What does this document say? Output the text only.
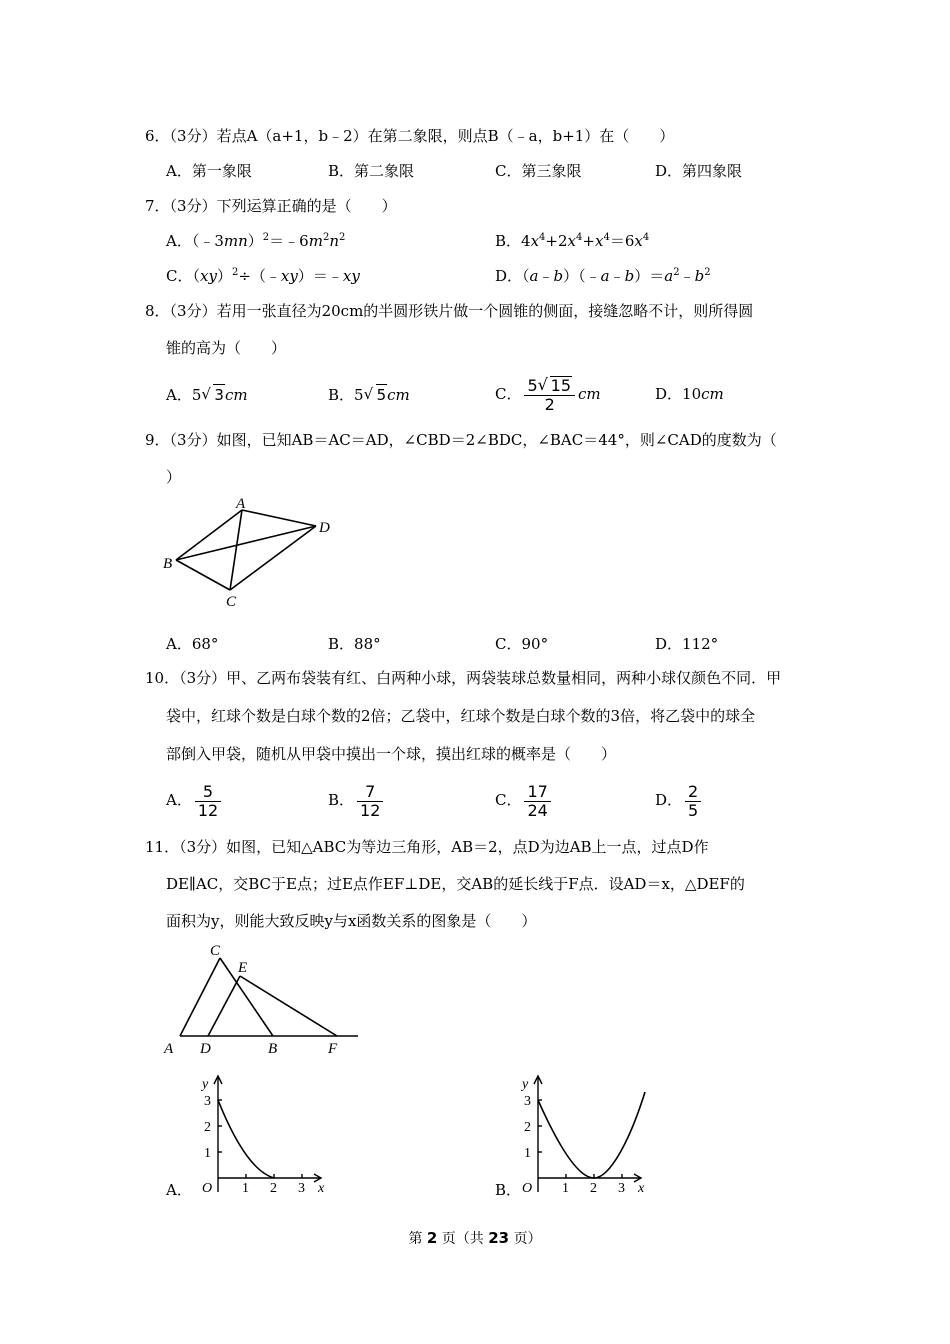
6．（3分）若点A（a+1，b﹣2）在第二象限，则点B（﹣a，b+1）在（　　）
A．第一象限	B．第二象限	C．第三象限	D．第四象限
7．（3分）下列运算正确的是（　　）
A．$(﹣3mn)^2=﹣6m^2n^2$	B．$4x^4+2x^4+x^4=6x^4$
C．（xy）$^2$÷（﹣xy）＝﹣xy	D．$(a﹣b)(﹣a﹣b)=a^2﹣b^2$
8．（3分）若用一张直径为20cm的半圆形铁片做一个圆锥的侧面，接缝忽略不计，则所得圆
锥的高为（　　）
A．5 √ 3cm	B．5 √ 5cm	C． $\frac{5 √ 15}{2}$ cm	D．10cm
9．（3分）如图，已知AB＝AC＝AD，∠CBD＝2∠BDC，∠BAC＝44°，则∠CAD的度数为（
）
A
B
C
D
A．68°	B．88°	C．90°	D．112°
10．（3分）甲、乙两布袋装有红、白两种小球，两袋装球总数量相同，两种小球仅颜色不同．甲
袋中，红球个数是白球个数的2倍；乙袋中，红球个数是白球个数的3倍，将乙袋中的球全
部倒入甲袋，随机从甲袋中摸出一个球，摸出红球的概率是（　　）
A． $\frac{5}{12}$	B． $\frac{7}{12}$	C． $\frac{17}{24}$	D． $\frac{2}{5}$
11．（3分）如图，已知△ABC为等边三角形，AB＝2，点D为边AB上一点，过点D作
DE∥AC，交BC于E点；过E点作EF⊥DE，交AB的延长线于F点．设AD＝x，△DEF的
面积为y，则能大致反映y与x函数关系的图象是（　　）
C
E
A D	B	F
A．
y
x
O 1 2 3
1
2
3
B．
y
x
O 1 2 3
1
2
3
第 2 页（共 23 页）
